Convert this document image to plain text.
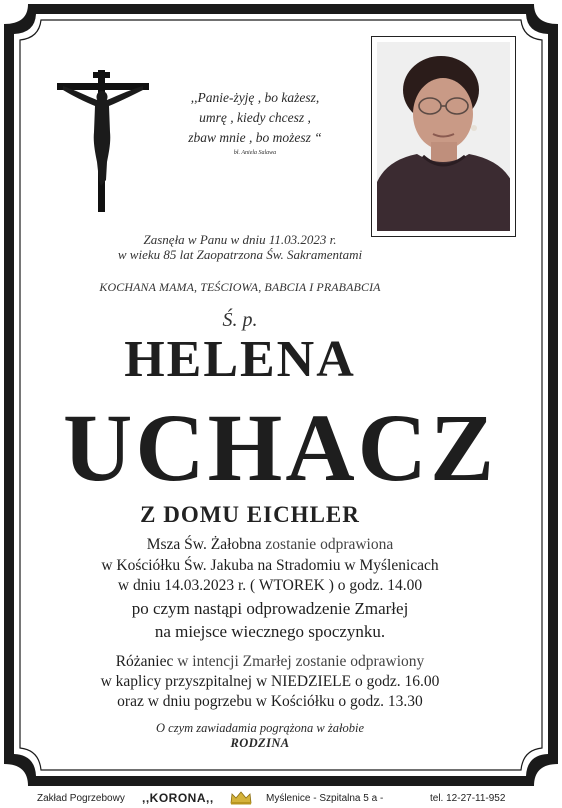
,,Panie-żyję , bo każesz,
umrę , kiedy chcesz ,
zbaw mnie , bo możesz “
bł. Aniela Salawa
Zasnęła w Panu w dniu 11.03.2023 r.
w wieku 85 lat Zaopatrzona Św. Sakramentami
KOCHANA MAMA, TEŚCIOWA, BABCIA I PRABABCIA
Ś. p.
HELENA
UCHACZ
Z DOMU EICHLER
Msza Św. Żałobna zostanie odprawiona
w Kościółku Św. Jakuba na Stradomiu w Myślenicach
w dniu 14.03.2023 r. ( WTOREK ) o godz. 14.00
po czym nastąpi odprowadzenie Zmarłej
na miejsce wiecznego spoczynku.
Różaniec w intencji Zmarłej zostanie odprawiony
w kaplicy przyszpitalnej w NIEDZIELE o godz. 16.00
oraz w dniu pogrzebu w Kościółku o godz. 13.30
O czym zawiadamia pogrążona w żałobie
RODZINA
Zakład Pogrzebowy ,,KORONA,,	Myślenice - Szpitalna 5 a -	tel. 12-27-11-952
